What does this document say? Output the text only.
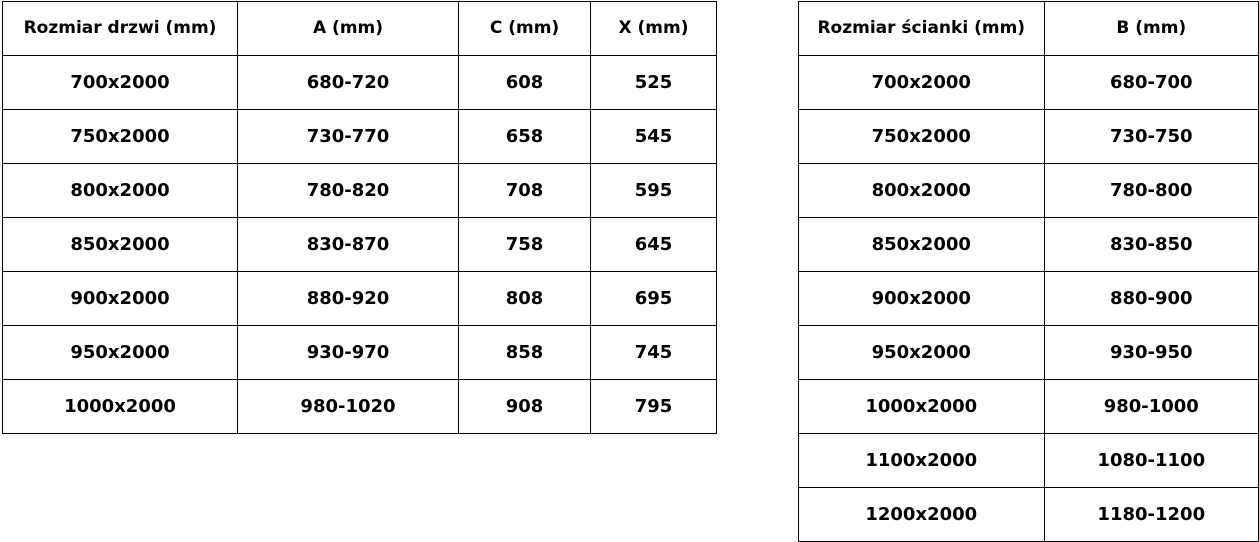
Rozmiar drzwi (mm)	A (mm)	C (mm)	X (mm)
700x2000	680-720	608	525
750x2000	730-770	658	545
800x2000	780-820	708	595
850x2000	830-870	758	645
900x2000	880-920	808	695
950x2000	930-970	858	745
1000x2000	980-1020	908	795
Rozmiar ścianki (mm)	B (mm)
700x2000	680-700
750x2000	730-750
800x2000	780-800
850x2000	830-850
900x2000	880-900
950x2000	930-950
1000x2000	980-1000
1100x2000	1080-1100
1200x2000	1180-1200
